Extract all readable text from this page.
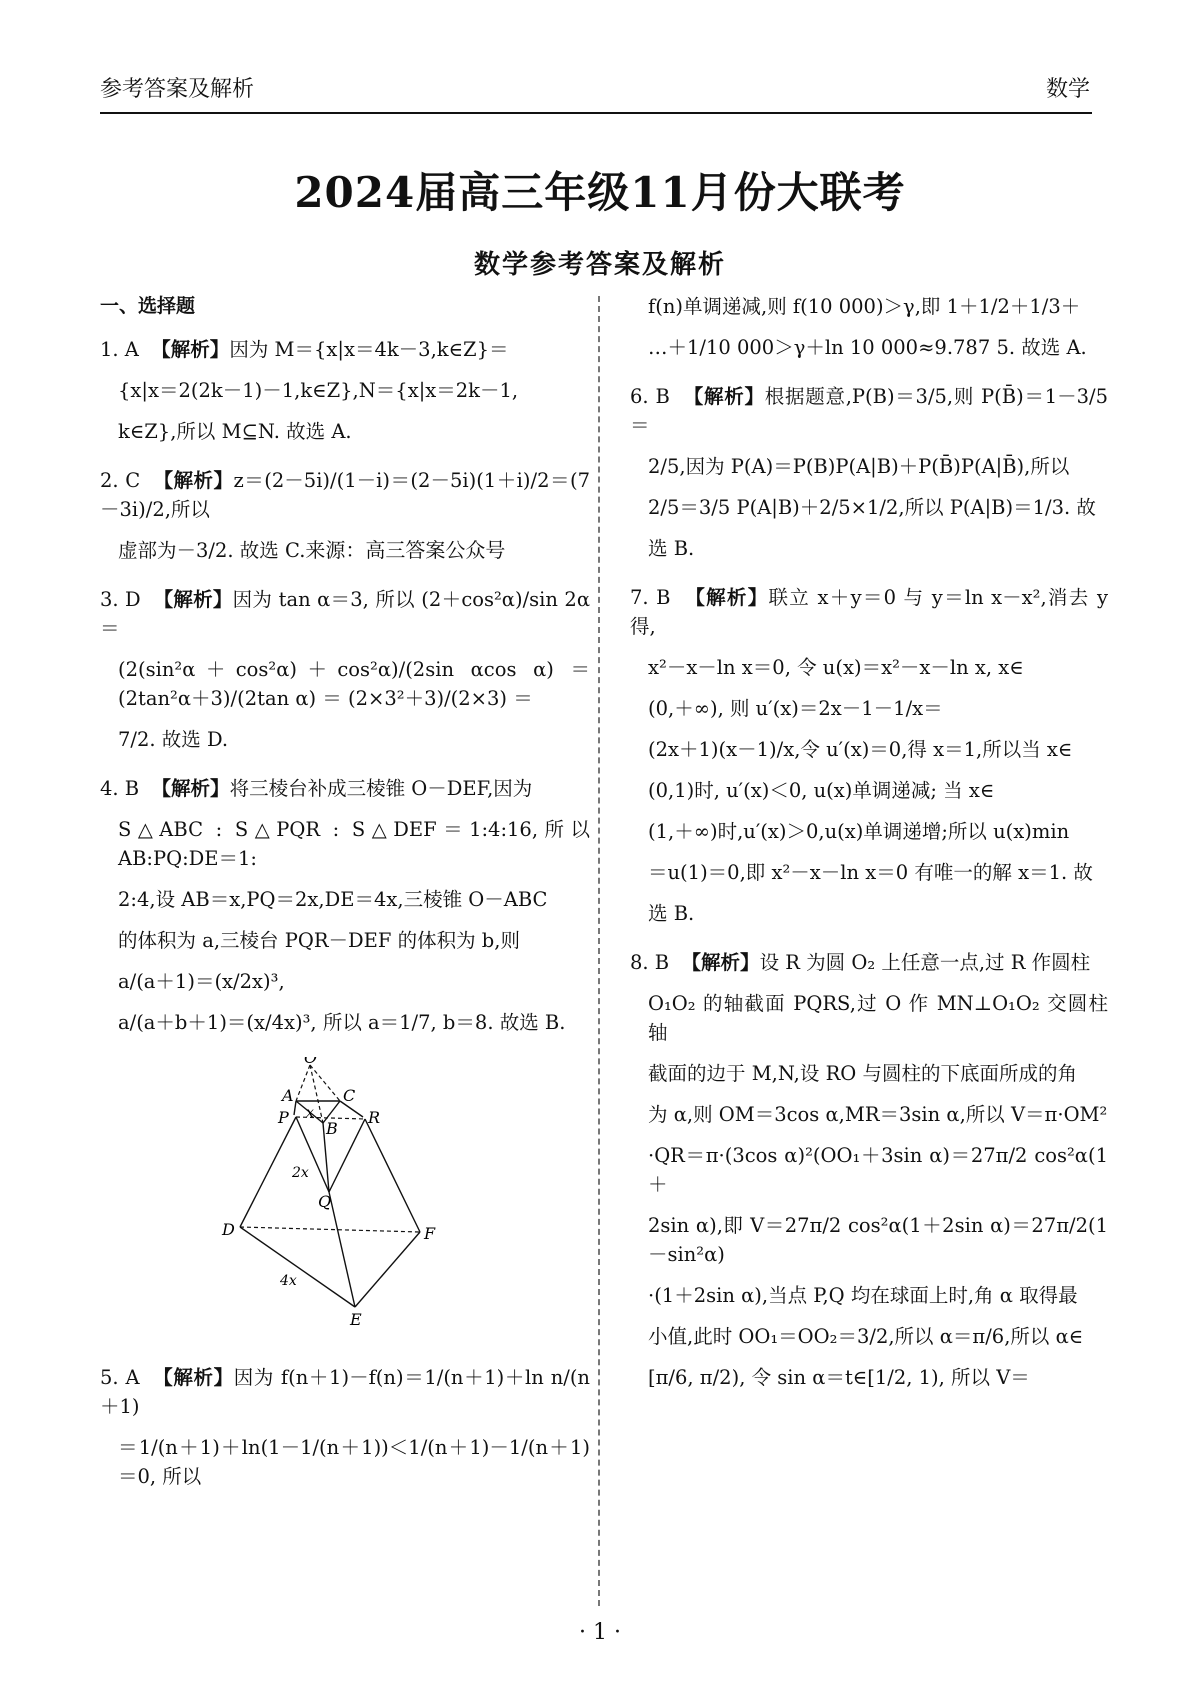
参考答案及解析	数学
2024届高三年级11月份大联考
数学参考答案及解析
一、选择题

1. A 【解析】因为 M＝{x|x＝4k－3,k∈Z}＝

{x|x＝2(2k－1)－1,k∈Z},N＝{x|x＝2k－1,

k∈Z},所以 M⊆N. 故选 A.

2. C 【解析】z＝(2－5i)/(1－i)＝(2－5i)(1＋i)/2＝(7－3i)/2,所以

虚部为－3/2. 故选 C.来源：高三答案公众号

3. D 【解析】因为 tan α＝3, 所以 (2＋cos²α)/sin 2α ＝

(2(sin²α＋cos²α)＋cos²α)/(2sin αcos α) ＝ (2tan²α＋3)/(2tan α) ＝ (2×3²＋3)/(2×3) ＝

7/2. 故选 D.

4. B 【解析】将三棱台补成三棱锥 O－DEF,因为

S△ABC : S△PQR : S△DEF＝1:4:16,所以 AB:PQ:DE＝1:

2:4,设 AB＝x,PQ＝2x,DE＝4x,三棱锥 O－ABC

的体积为 a,三棱台 PQR－DEF 的体积为 b,则

a/(a＋1)＝(x/2x)³,

a/(a＋b＋1)＝(x/4x)³, 所以 a＝1/7, b＝8. 故选 B.

O
A	C
B
P	R
Q
D	F
E
x
2x
4x

5. A 【解析】因为 f(n＋1)－f(n)＝1/(n＋1)＋ln n/(n＋1)

＝1/(n＋1)＋ln(1－1/(n＋1))＜1/(n＋1)－1/(n＋1)＝0, 所以

f(n)单调递减,则 f(10 000)＞γ,即 1＋1/2＋1/3＋

…＋1/10 000＞γ＋ln 10 000≈9.787 5. 故选 A.

6. B 【解析】根据题意,P(B)＝3/5,则 P(B̄)＝1－3/5＝

2/5,因为 P(A)＝P(B)P(A|B)＋P(B̄)P(A|B̄),所以

2/5＝3/5 P(A|B)＋2/5×1/2,所以 P(A|B)＝1/3. 故

选 B.

7. B 【解析】联立 x＋y＝0 与 y＝ln x－x²,消去 y 得,

x²－x－ln x＝0, 令 u(x)＝x²－x－ln x, x∈

(0,＋∞), 则 u′(x)＝2x－1－1/x＝

(2x＋1)(x－1)/x,令 u′(x)＝0,得 x＝1,所以当 x∈

(0,1)时, u′(x)＜0, u(x)单调递减; 当 x∈

(1,＋∞)时,u′(x)＞0,u(x)单调递增;所以 u(x)min

＝u(1)＝0,即 x²－x－ln x＝0 有唯一的解 x＝1. 故

选 B.

8. B 【解析】设 R 为圆 O₂ 上任意一点,过 R 作圆柱

O₁O₂ 的轴截面 PQRS,过 O 作 MN⊥O₁O₂ 交圆柱轴

截面的边于 M,N,设 RO 与圆柱的下底面所成的角

为 α,则 OM＝3cos α,MR＝3sin α,所以 V＝π·OM²

·QR＝π·(3cos α)²(OO₁＋3sin α)＝27π/2 cos²α(1＋

2sin α),即 V＝27π/2 cos²α(1＋2sin α)＝27π/2(1－sin²α)

·(1＋2sin α),当点 P,Q 均在球面上时,角 α 取得最

小值,此时 OO₁＝OO₂＝3/2,所以 α＝π/6,所以 α∈

[π/6, π/2), 令 sin α＝t∈[1/2, 1), 所以 V＝

· 1 ·
